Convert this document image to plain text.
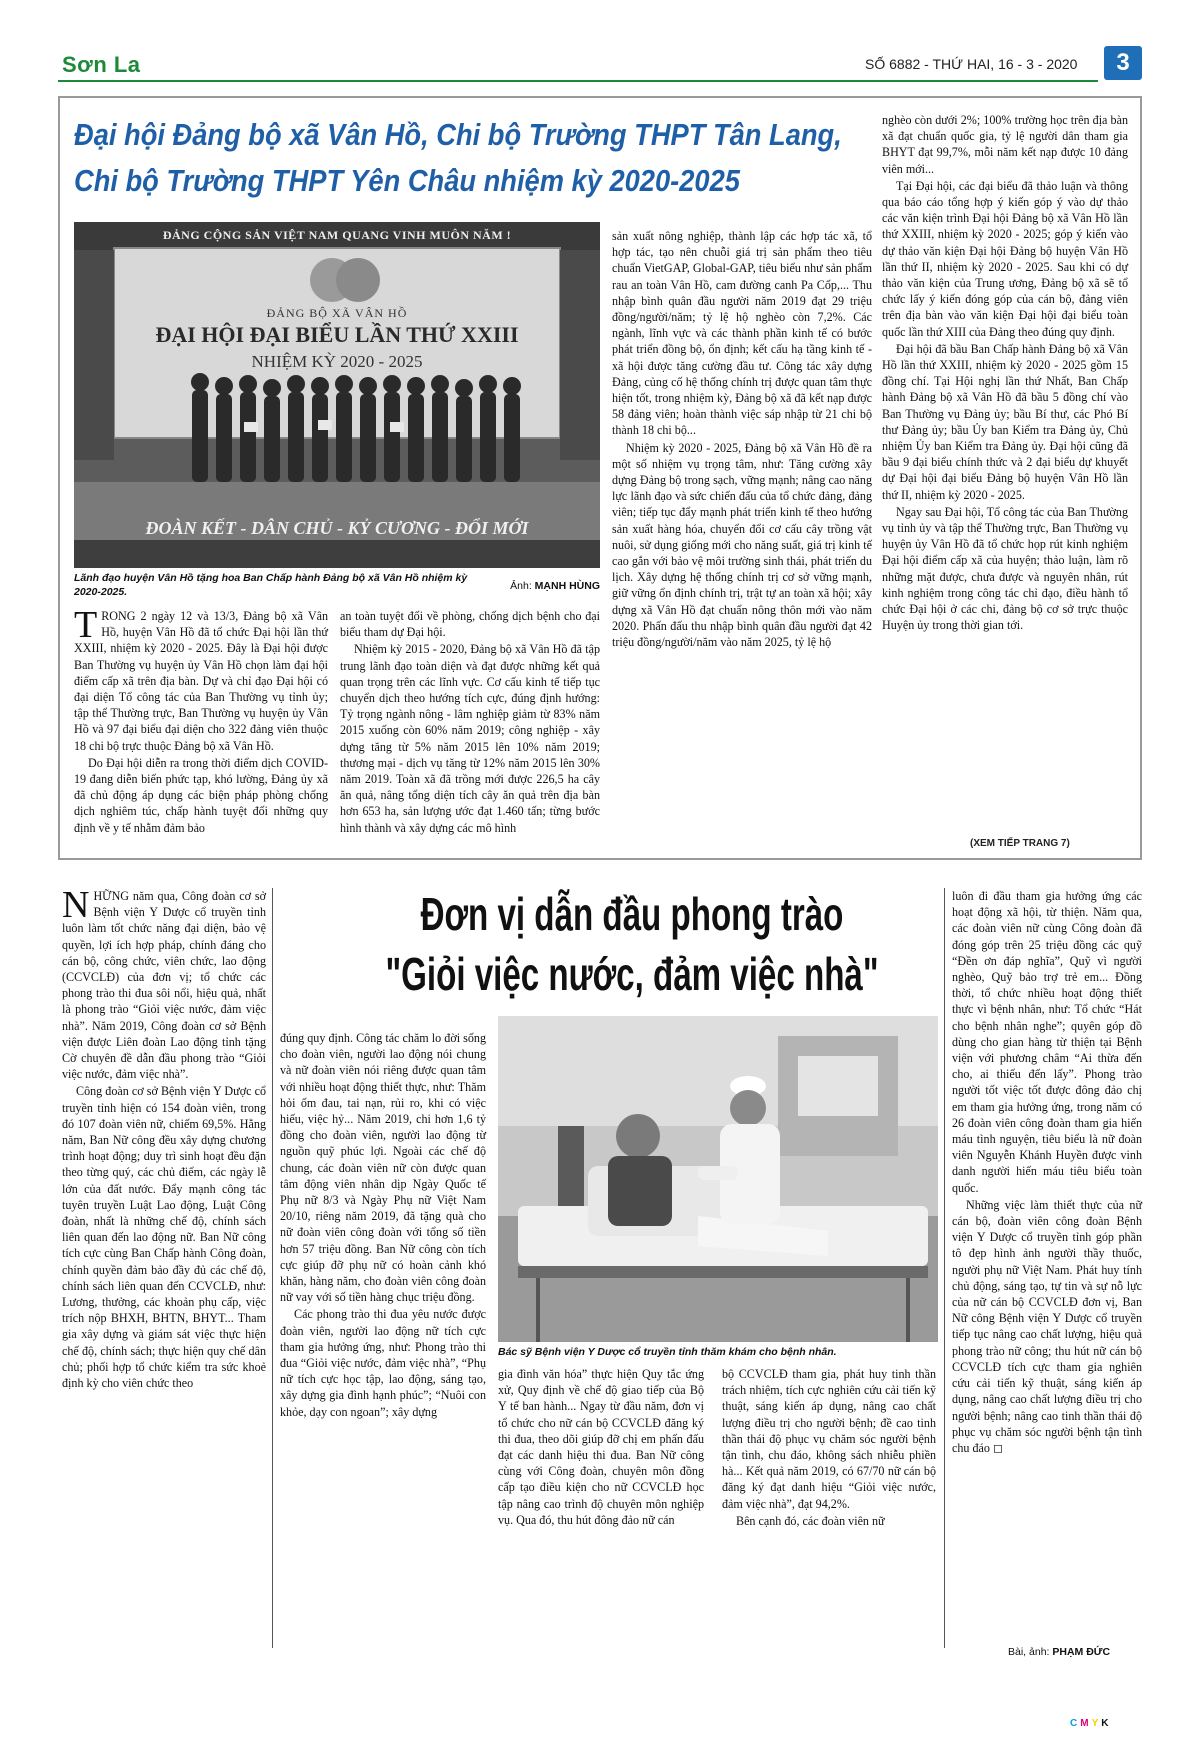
Sơn La	SỐ 6882 - THỨ HAI, 16 - 3 - 2020	3
Đại hội Đảng bộ xã Vân Hồ, Chi bộ Trường THPT Tân Lang,
Chi bộ Trường THPT Yên Châu nhiệm kỳ 2020-2025
ĐẢNG CỘNG SẢN VIỆT NAM QUANG VINH MUÔN NĂM !
ĐẢNG BỘ XÃ VÂN HỒ
ĐẠI HỘI ĐẠI BIỂU LẦN THỨ XXIII
NHIỆM KỲ 2020 - 2025
ĐOÀN KẾT - DÂN CHỦ - KỶ CƯƠNG - ĐỔI MỚI
Lãnh đạo huyện Vân Hồ tặng hoa Ban Chấp hành Đảng bộ xã Vân Hồ nhiệm kỳ 2020-2025.	Ảnh: MẠNH HÙNG

TRONG 2 ngày 12 và 13/3, Đảng bộ xã Vân Hồ, huyện Vân Hồ đã tổ chức Đại hội lần thứ XXIII, nhiệm kỳ 2020 - 2025. Đây là Đại hội được Ban Thường vụ huyện ủy Vân Hồ chọn làm đại hội điểm cấp xã trên địa bàn. Dự và chỉ đạo Đại hội có đại diện Tổ công tác của Ban Thường vụ tỉnh ủy; tập thể Thường trực, Ban Thường vụ huyện ủy Vân Hồ và 97 đại biểu đại diện cho 322 đảng viên thuộc 18 chi bộ trực thuộc Đảng bộ xã Vân Hồ.

Do Đại hội diễn ra trong thời điểm dịch COVID-19 đang diễn biến phức tạp, khó lường, Đảng ủy xã đã chủ động áp dụng các biện pháp phòng chống dịch nghiêm túc, chấp hành tuyệt đối những quy định về y tế nhằm đảm bảo

an toàn tuyệt đối về phòng, chống dịch bệnh cho đại biểu tham dự Đại hội.

Nhiệm kỳ 2015 - 2020, Đảng bộ xã Vân Hồ đã tập trung lãnh đạo toàn diện và đạt được những kết quả quan trọng trên các lĩnh vực. Cơ cấu kinh tế tiếp tục chuyển dịch theo hướng tích cực, đúng định hướng: Tỷ trọng ngành nông - lâm nghiệp giảm từ 83% năm 2015 xuống còn 60% năm 2019; công nghiệp - xây dựng tăng từ 5% năm 2015 lên 10% năm 2019; thương mại - dịch vụ tăng từ 12% năm 2015 lên 30% năm 2019. Toàn xã đã trồng mới được 226,5 ha cây ăn quả, nâng tổng diện tích cây ăn quả trên địa bàn hơn 653 ha, sản lượng ước đạt 1.460 tấn; từng bước hình thành và xây dựng các mô hình

sản xuất nông nghiệp, thành lập các hợp tác xã, tổ hợp tác, tạo nên chuỗi giá trị sản phẩm theo tiêu chuẩn VietGAP, Global-GAP, tiêu biểu như sản phẩm rau an toàn Vân Hồ, cam đường canh Pa Cốp,... Thu nhập bình quân đầu người năm 2019 đạt 29 triệu đồng/người/năm; tỷ lệ hộ nghèo còn 7,2%. Các ngành, lĩnh vực và các thành phần kinh tế có bước phát triển đồng bộ, ổn định; kết cấu hạ tầng kinh tế - xã hội được tăng cường đầu tư. Công tác xây dựng Đảng, củng cố hệ thống chính trị được quan tâm thực hiện tốt, trong nhiệm kỳ, Đảng bộ xã đã kết nạp được 58 đảng viên; hoàn thành việc sáp nhập từ 21 chi bộ thành 18 chi bộ...

Nhiệm kỳ 2020 - 2025, Đảng bộ xã Vân Hồ đề ra một số nhiệm vụ trọng tâm, như: Tăng cường xây dựng Đảng bộ trong sạch, vững mạnh; nâng cao năng lực lãnh đạo và sức chiến đấu của tổ chức đảng, đảng viên; tiếp tục đẩy mạnh phát triển kinh tế theo hướng sản xuất hàng hóa, chuyển đổi cơ cấu cây trồng vật nuôi, sử dụng giống mới cho năng suất, giá trị kinh tế cao gắn với bảo vệ môi trường sinh thái, phát triển du lịch. Xây dựng hệ thống chính trị cơ sở vững mạnh, giữ vững ổn định chính trị, trật tự an toàn xã hội; xây dựng xã Vân Hồ đạt chuẩn nông thôn mới vào năm 2020. Phấn đấu thu nhập bình quân đầu người đạt 42 triệu đồng/người/năm vào năm 2025, tỷ lệ hộ

nghèo còn dưới 2%; 100% trường học trên địa bàn xã đạt chuẩn quốc gia, tỷ lệ người dân tham gia BHYT đạt 99,7%, mỗi năm kết nạp được 10 đảng viên mới...

Tại Đại hội, các đại biểu đã thảo luận và thông qua báo cáo tổng hợp ý kiến góp ý vào dự thảo các văn kiện trình Đại hội Đảng bộ xã Vân Hồ lần thứ XXIII, nhiệm kỳ 2020 - 2025; góp ý kiến vào dự thảo văn kiện Đại hội Đảng bộ huyện Vân Hồ lần thứ II, nhiệm kỳ 2020 - 2025. Sau khi có dự thảo văn kiện của Trung ương, Đảng bộ xã sẽ tổ chức lấy ý kiến đóng góp của cán bộ, đảng viên trên địa bàn vào văn kiện Đại hội đại biểu toàn quốc lần thứ XIII của Đảng theo đúng quy định.

Đại hội đã bầu Ban Chấp hành Đảng bộ xã Vân Hồ lần thứ XXIII, nhiệm kỳ 2020 - 2025 gồm 15 đồng chí. Tại Hội nghị lần thứ Nhất, Ban Chấp hành Đảng bộ xã Vân Hồ đã bầu 5 đồng chí vào Ban Thường vụ Đảng ủy; bầu Bí thư, các Phó Bí thư Đảng ủy; bầu Ủy ban Kiểm tra Đảng ủy, Chủ nhiệm Ủy ban Kiểm tra Đảng ủy. Đại hội cũng đã bầu 9 đại biểu chính thức và 2 đại biểu dự khuyết dự Đại hội đại biểu Đảng bộ huyện Vân Hồ lần thứ II, nhiệm kỳ 2020 - 2025.

Ngay sau Đại hội, Tổ công tác của Ban Thường vụ tỉnh ủy và tập thể Thường trực, Ban Thường vụ huyện ủy Vân Hồ đã tổ chức họp rút kinh nghiệm Đại hội điểm cấp xã của huyện; thảo luận, làm rõ những mặt được, chưa được và nguyên nhân, rút kinh nghiệm trong công tác chỉ đạo, điều hành tổ chức Đại hội ở các chi, đảng bộ cơ sở trực thuộc Huyện ủy trong thời gian tới.

(XEM TIẾP TRANG 7)
Đơn vị dẫn đầu phong trào
"Giỏi việc nước, đảm việc nhà"
Bác sỹ Bệnh viện Y Dược cổ truyền tỉnh thăm khám cho bệnh nhân.

NHỮNG năm qua, Công đoàn cơ sở Bệnh viện Y Dược cổ truyền tỉnh luôn làm tốt chức năng đại diện, bảo vệ quyền, lợi ích hợp pháp, chính đáng cho cán bộ, công chức, viên chức, lao động (CCVCLĐ) của đơn vị; tổ chức các phong trào thi đua sôi nổi, hiệu quả, nhất là phong trào “Giỏi việc nước, đảm việc nhà”. Năm 2019, Công đoàn cơ sở Bệnh viện được Liên đoàn Lao động tỉnh tặng Cờ chuyên đề dẫn đầu phong trào “Giỏi việc nước, đảm việc nhà”.

Công đoàn cơ sở Bệnh viện Y Dược cổ truyền tỉnh hiện có 154 đoàn viên, trong đó 107 đoàn viên nữ, chiếm 69,5%. Hằng năm, Ban Nữ công đều xây dựng chương trình hoạt động; duy trì sinh hoạt đều đặn theo từng quý, các chủ điểm, các ngày lễ lớn của đất nước. Đẩy mạnh công tác tuyên truyền Luật Lao động, Luật Công đoàn, nhất là những chế độ, chính sách liên quan đến lao động nữ. Ban Nữ công tích cực cùng Ban Chấp hành Công đoàn, chính quyền đảm bảo đầy đủ các chế độ, chính sách liên quan đến CCVCLĐ, như: Lương, thưởng, các khoản phụ cấp, việc trích nộp BHXH, BHTN, BHYT... Tham gia xây dựng và giám sát việc thực hiện chế độ, chính sách; thực hiện quy chế dân chủ; phối hợp tổ chức kiểm tra sức khoẻ định kỳ cho viên chức theo

đúng quy định. Công tác chăm lo đời sống cho đoàn viên, người lao động nói chung và nữ đoàn viên nói riêng được quan tâm với nhiều hoạt động thiết thực, như: Thăm hỏi ốm đau, tai nạn, rủi ro, khi có việc hiếu, việc hỷ... Năm 2019, chi hơn 1,6 tỷ đồng cho đoàn viên, người lao động từ nguồn quỹ phúc lợi. Ngoài các chế độ chung, các đoàn viên nữ còn được quan tâm động viên nhân dịp Ngày Quốc tế Phụ nữ 8/3 và Ngày Phụ nữ Việt Nam 20/10, riêng năm 2019, đã tặng quà cho nữ đoàn viên công đoàn với tổng số tiền hơn 57 triệu đồng. Ban Nữ công còn tích cực giúp đỡ phụ nữ có hoàn cảnh khó khăn, hàng năm, cho đoàn viên công đoàn nữ vay với số tiền hàng chục triệu đồng.

Các phong trào thi đua yêu nước được đoàn viên, người lao động nữ tích cực tham gia hưởng ứng, như: Phong trào thi đua “Giỏi việc nước, đảm việc nhà”, “Phụ nữ tích cực học tập, lao động, sáng tạo, xây dựng gia đình hạnh phúc”; “Nuôi con khỏe, dạy con ngoan”; xây dựng

gia đình văn hóa” thực hiện Quy tắc ứng xử, Quy định về chế độ giao tiếp của Bộ Y tế ban hành... Ngay từ đầu năm, đơn vị tổ chức cho nữ cán bộ CCVCLĐ đăng ký thi đua, theo dõi giúp đỡ chị em phấn đấu đạt các danh hiệu thi đua. Ban Nữ công cùng với Công đoàn, chuyên môn đồng cấp tạo điều kiện cho nữ CCVCLĐ học tập nâng cao trình độ chuyên môn nghiệp vụ. Qua đó, thu hút đông đảo nữ cán

bộ CCVCLĐ tham gia, phát huy tinh thần trách nhiệm, tích cực nghiên cứu cải tiến kỹ thuật, sáng kiến áp dụng, nâng cao chất lượng điều trị cho người bệnh; đề cao tinh thần thái độ phục vụ chăm sóc người bệnh tận tình, chu đáo, không sách nhiễu phiền hà... Kết quả năm 2019, có 67/70 nữ cán bộ đăng ký đạt danh hiệu “Giỏi việc nước, đảm việc nhà”, đạt 94,2%.

Bên cạnh đó, các đoàn viên nữ

luôn đi đầu tham gia hưởng ứng các hoạt động xã hội, từ thiện. Năm qua, các đoàn viên nữ cùng Công đoàn đã đóng góp trên 25 triệu đồng các quỹ “Đền ơn đáp nghĩa”, Quỹ vì người nghèo, Quỹ bảo trợ trẻ em... Đồng thời, tổ chức nhiều hoạt động thiết thực vì bệnh nhân, như: Tổ chức “Hát cho bệnh nhân nghe”; quyên góp đồ dùng cho gian hàng từ thiện tại Bệnh viện với phương châm “Ai thừa đến cho, ai thiếu đến lấy”. Phong trào người tốt việc tốt được đông đảo chị em tham gia hưởng ứng, trong năm có 26 đoàn viên công đoàn tham gia hiến máu tình nguyện, tiêu biểu là nữ đoàn viên Nguyễn Khánh Huyền được vinh danh người hiến máu tiêu biểu toàn quốc.

Những việc làm thiết thực của nữ cán bộ, đoàn viên công đoàn Bệnh viện Y Dược cổ truyền tỉnh góp phần tô đẹp hình ảnh người thầy thuốc, người phụ nữ Việt Nam. Phát huy tính chủ động, sáng tạo, tự tin và sự nỗ lực của nữ cán bộ CCVCLĐ đơn vị, Ban Nữ công Bệnh viện Y Dược cổ truyền tiếp tục nâng cao chất lượng, hiệu quả phong trào nữ công; thu hút nữ cán bộ CCVCLĐ tích cực tham gia nghiên cứu cải tiến kỹ thuật, sáng kiến áp dụng, nâng cao chất lượng điều trị cho người bệnh; nâng cao tinh thần thái độ phục vụ chăm sóc người bệnh tận tình chu đáo ◻

Bài, ảnh: PHẠM ĐỨC
CMYK
